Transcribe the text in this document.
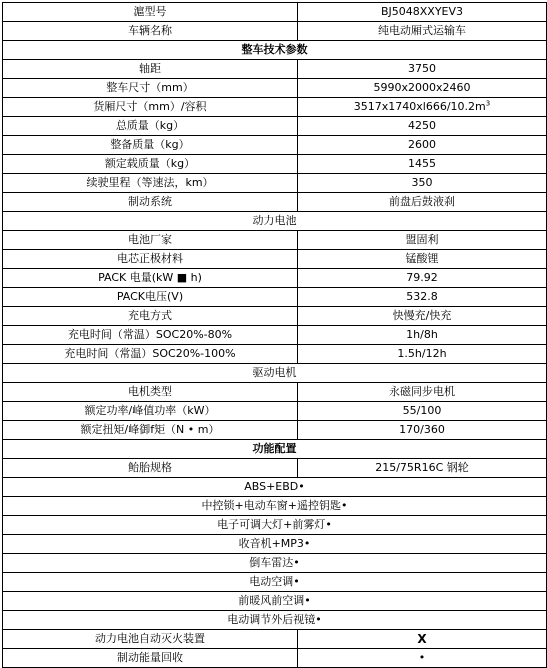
滬型号	BJ5048XXYEV3
车辆名称	纯电动厢式运输车
整车技术参数	
轴距	3750
整车尺寸（mm）	5990x2000x2460
货厢尺寸（mm）/容积	$3517x1740xl666/10.2m^3$
总质量（kg）	4250
整备质量（kg）	2600
额定载质量（kg）	1455
续驶里程（等速法，km）	350
制动系统	前盘后鼓液刹
动力电池	
电池厂家	盟固利
电芯正极材料	锰酸锂
PACK 电量(kW ■ h)	79.92
PACK电压(V)	532.8
充电方式	快慢充/快充
充电时间（常温）SOC20%-80%	1h/8h
充电时间（常温）SOC20%-100%	1.5h/12h
驱动电机	
电机类型	永磁同步电机
额定功率/峰值功率（kW）	55/100
额定扭矩/峰御f矩（N • m）	170/360
功能配置	
鲐胎规格	215/75R16C 钢轮
ABS+EBD•	
中控锁+电动车窗+遥控钥匙•	
电子可调大灯+前雾灯•	
收音机+MP3•	
倒车雷达•	
电动空调•	
前暖风前空调•	
电动调节外后视镜•	
动力电池自动灭火装置	X
制动能量回收	•
